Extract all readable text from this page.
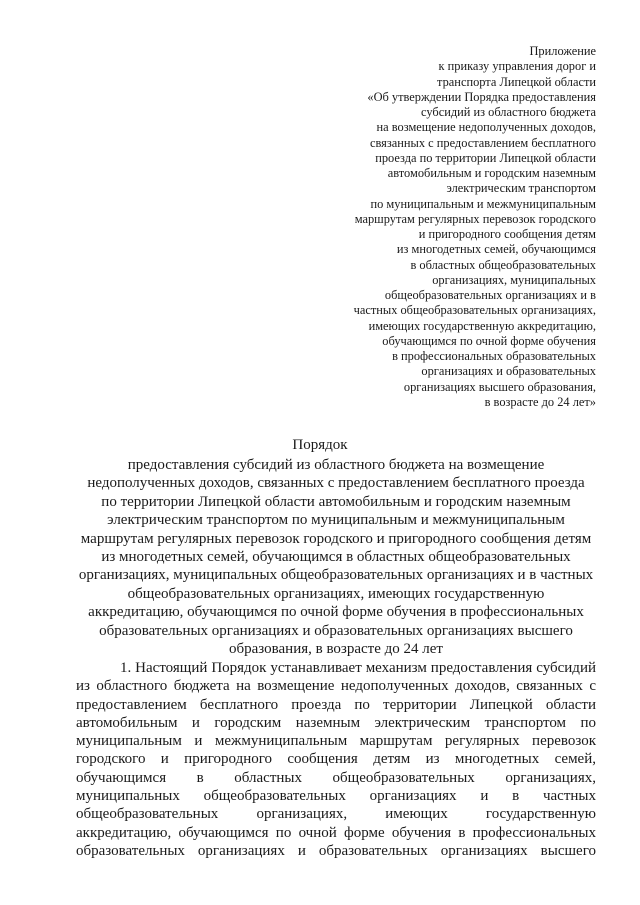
Приложение
к приказу управления дорог и
транспорта Липецкой области
«Об утверждении Порядка предоставления
субсидий из областного бюджета
на возмещение недополученных доходов,
связанных с предоставлением бесплатного
проезда по территории Липецкой области
автомобильным и городским наземным
электрическим транспортом
по муниципальным и межмуниципальным
маршрутам регулярных перевозок городского
и пригородного сообщения детям
из многодетных семей, обучающимся
в областных общеобразовательных
организациях, муниципальных
общеобразовательных организациях и в
частных общеобразовательных организациях,
имеющих государственную аккредитацию,
обучающимся по очной форме обучения
в профессиональных образовательных
организациях и образовательных
организациях высшего образования,
в возрасте до 24 лет»
Порядок
предоставления субсидий из областного бюджета на возмещение
недополученных доходов, связанных с предоставлением бесплатного проезда
по территории Липецкой области автомобильным и городским наземным
электрическим транспортом по муниципальным и межмуниципальным
маршрутам регулярных перевозок городского и пригородного сообщения детям
из многодетных семей, обучающимся в областных общеобразовательных
организациях, муниципальных общеобразовательных организациях и в частных
общеобразовательных организациях, имеющих государственную
аккредитацию, обучающимся по очной форме обучения в профессиональных
образовательных организациях и образовательных организациях высшего
образования, в возрасте до 24 лет
1. Настоящий Порядок устанавливает механизм предоставления субсидий
из областного бюджета на возмещение недополученных доходов, связанных с
предоставлением бесплатного проезда по территории Липецкой области
автомобильным и городским наземным электрическим транспортом по
муниципальным и межмуниципальным маршрутам регулярных перевозок
городского и пригородного сообщения детям из многодетных семей,
обучающимся в областных общеобразовательных организациях,
муниципальных общеобразовательных организациях и в частных
общеобразовательных организациях, имеющих государственную
аккредитацию, обучающимся по очной форме обучения в профессиональных
образовательных организациях и образовательных организациях высшего
